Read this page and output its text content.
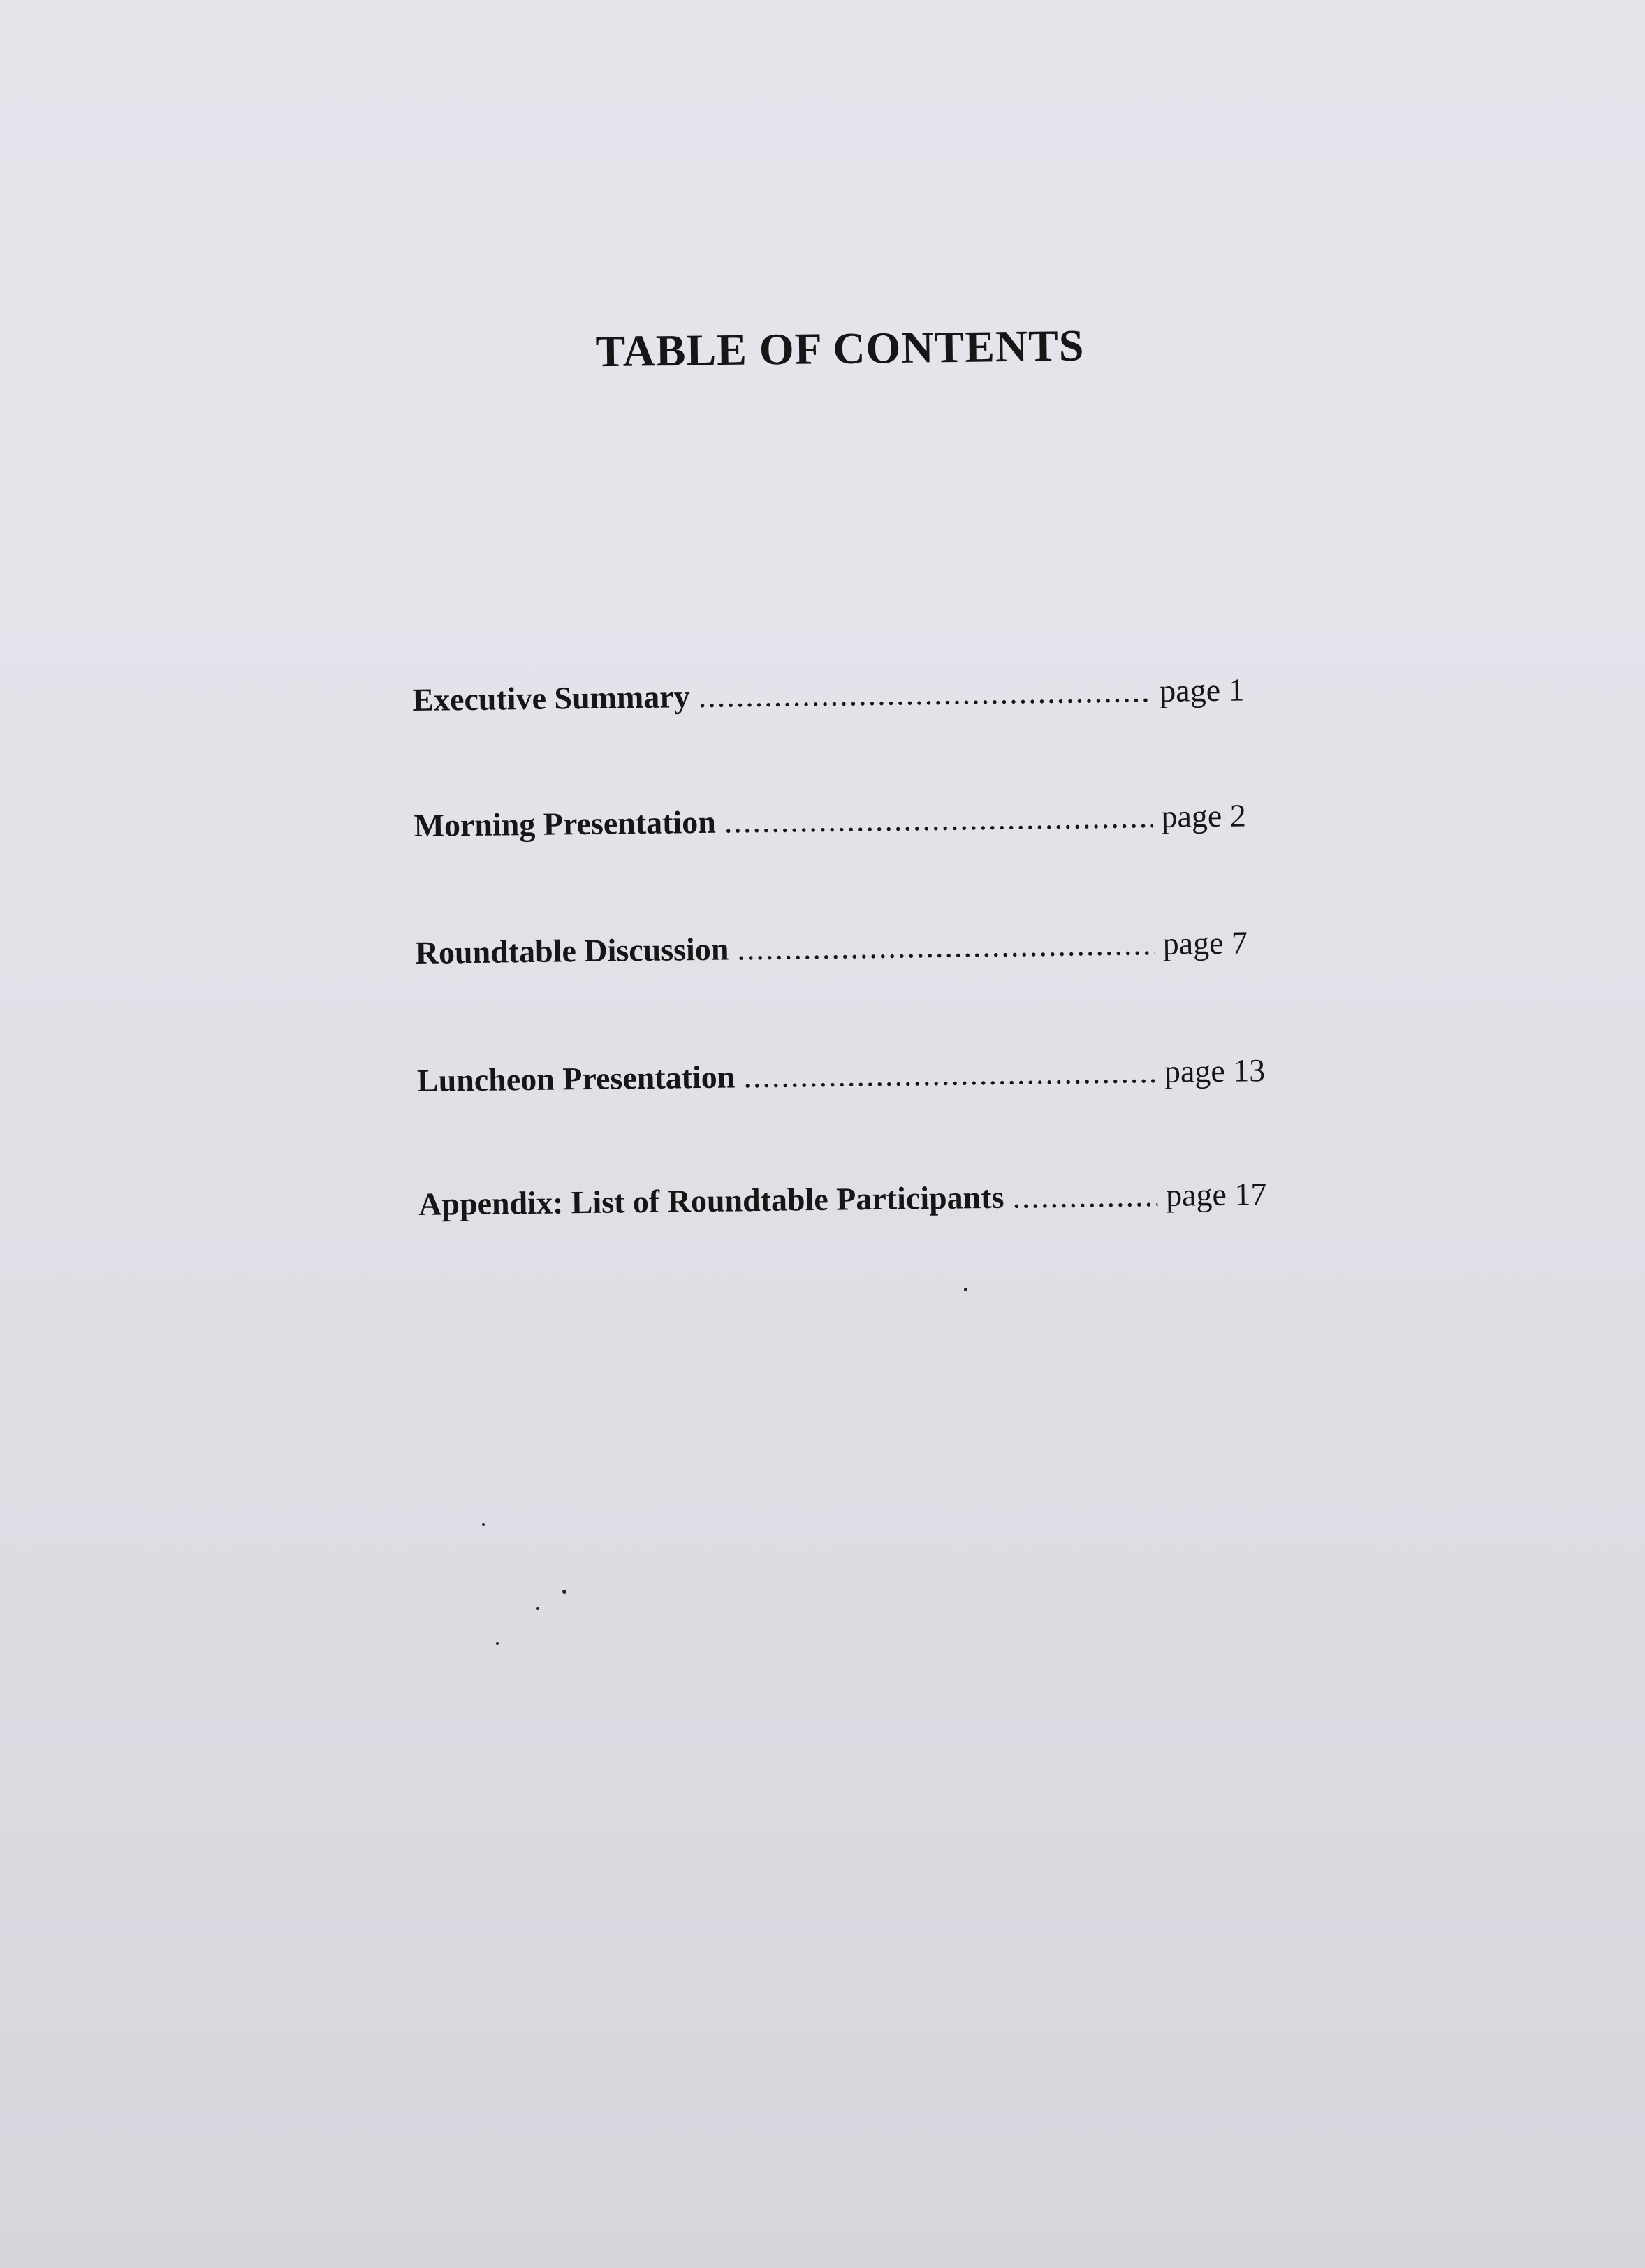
TABLE OF CONTENTS
Executive Summary .....	page 1
Morning Presentation .....	page 2
Roundtable Discussion .....	page 7
Luncheon Presentation .....	page 13
Appendix: List of Roundtable Participants .....	page 17
